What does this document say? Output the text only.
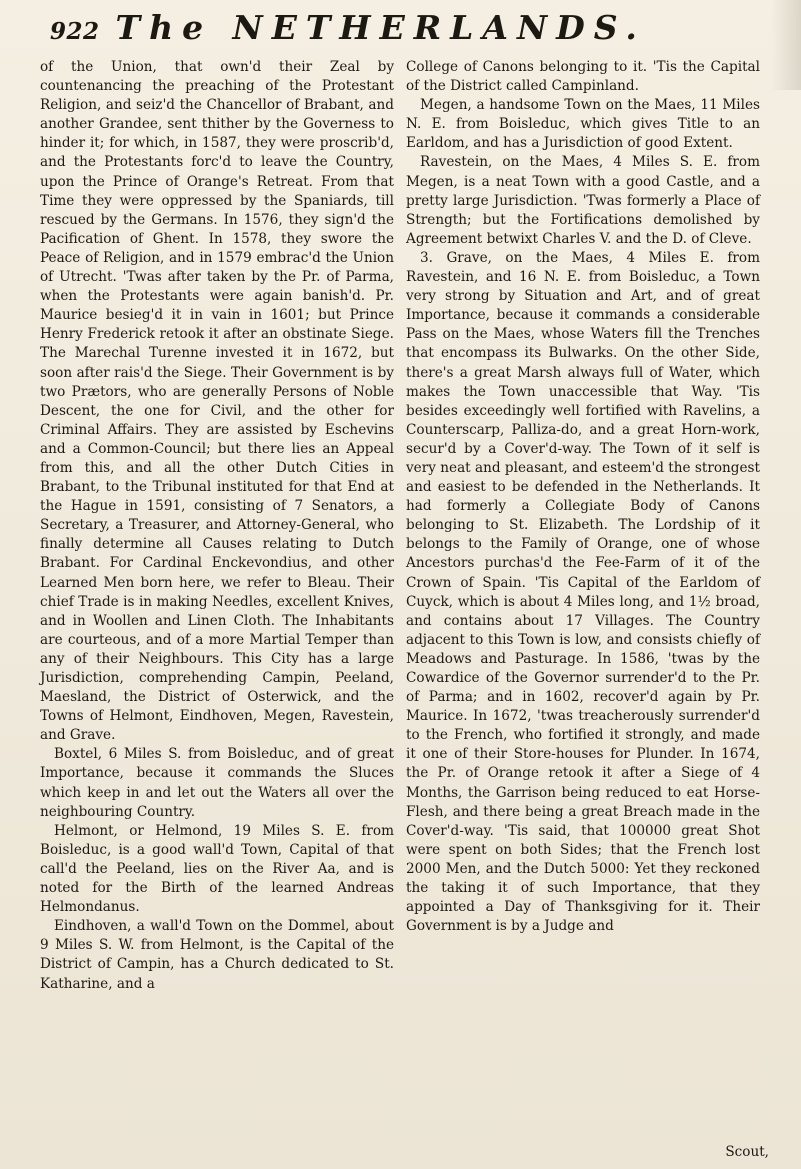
922 The NETHERLANDS.

of the Union, that own'd their Zeal by countenancing the preaching of the Protestant Religion, and seiz'd the Chancellor of Brabant, and another Grandee, sent thither by the Governess to hinder it; for which, in 1587, they were proscrib'd, and the Protestants forc'd to leave the Country, upon the Prince of Orange's Retreat. From that Time they were oppressed by the Spaniards, till rescued by the Germans. In 1576, they sign'd the Pacification of Ghent. In 1578, they swore the Peace of Religion, and in 1579 embrac'd the Union of Utrecht. 'Twas after taken by the Pr. of Parma, when the Protestants were again banish'd. Pr. Maurice besieg'd it in vain in 1601; but Prince Henry Frederick retook it after an obstinate Siege. The Marechal Turenne invested it in 1672, but soon after rais'd the Siege. Their Government is by two Prætors, who are generally Persons of Noble Descent, the one for Civil, and the other for Criminal Affairs. They are assisted by Eschevins and a Common-Council; but there lies an Appeal from this, and all the other Dutch Cities in Brabant, to the Tribunal instituted for that End at the Hague in 1591, consisting of 7 Senators, a Secretary, a Treasurer, and Attorney-General, who finally determine all Causes relating to Dutch Brabant. For Cardinal Enckevondius, and other Learned Men born here, we refer to Bleau. Their chief Trade is in making Needles, excellent Knives, and in Woollen and Linen Cloth. The Inhabitants are courteous, and of a more Martial Temper than any of their Neighbours. This City has a large Jurisdiction, comprehending Campin, Peeland, Maesland, the District of Osterwick, and the Towns of Helmont, Eindhoven, Megen, Ravestein, and Grave.

Boxtel, 6 Miles S. from Boisleduc, and of great Importance, because it commands the Sluces which keep in and let out the Waters all over the neighbouring Country.

Helmont, or Helmond, 19 Miles S. E. from Boisleduc, is a good wall'd Town, Capital of that call'd the Peeland, lies on the River Aa, and is noted for the Birth of the learned Andreas Helmondanus.

Eindhoven, a wall'd Town on the Dommel, about 9 Miles S. W. from Helmont, is the Capital of the District of Campin, has a Church dedicated to St. Katharine, and a

College of Canons belonging to it. 'Tis the Capital of the District called Campinland.

Megen, a handsome Town on the Maes, 11 Miles N. E. from Boisleduc, which gives Title to an Earldom, and has a Jurisdiction of good Extent.

Ravestein, on the Maes, 4 Miles S. E. from Megen, is a neat Town with a good Castle, and a pretty large Jurisdiction. 'Twas formerly a Place of Strength; but the Fortifications demolished by Agreement betwixt Charles V. and the D. of Cleve.

3. Grave, on the Maes, 4 Miles E. from Ravestein, and 16 N. E. from Boisleduc, a Town very strong by Situation and Art, and of great Importance, because it commands a considerable Pass on the Maes, whose Waters fill the Trenches that encompass its Bulwarks. On the other Side, there's a great Marsh always full of Water, which makes the Town unaccessible that Way. 'Tis besides exceedingly well fortified with Ravelins, a Counterscarp, Palliza-do, and a great Horn-work, secur'd by a Cover'd-way. The Town of it self is very neat and pleasant, and esteem'd the strongest and easiest to be defended in the Netherlands. It had formerly a Collegiate Body of Canons belonging to St. Elizabeth. The Lordship of it belongs to the Family of Orange, one of whose Ancestors purchas'd the Fee-Farm of it of the Crown of Spain. 'Tis Capital of the Earldom of Cuyck, which is about 4 Miles long, and 1½ broad, and contains about 17 Villages. The Country adjacent to this Town is low, and consists chiefly of Meadows and Pasturage. In 1586, 'twas by the Cowardice of the Governor surrender'd to the Pr. of Parma; and in 1602, recover'd again by Pr. Maurice. In 1672, 'twas treacherously surrender'd to the French, who fortified it strongly, and made it one of their Store-houses for Plunder. In 1674, the Pr. of Orange retook it after a Siege of 4 Months, the Garrison being reduced to eat Horse-Flesh, and there being a great Breach made in the Cover'd-way. 'Tis said, that 100000 great Shot were spent on both Sides; that the French lost 2000 Men, and the Dutch 5000: Yet they reckoned the taking it of such Importance, that they appointed a Day of Thanksgiving for it. Their Government is by a Judge and

Scout,
